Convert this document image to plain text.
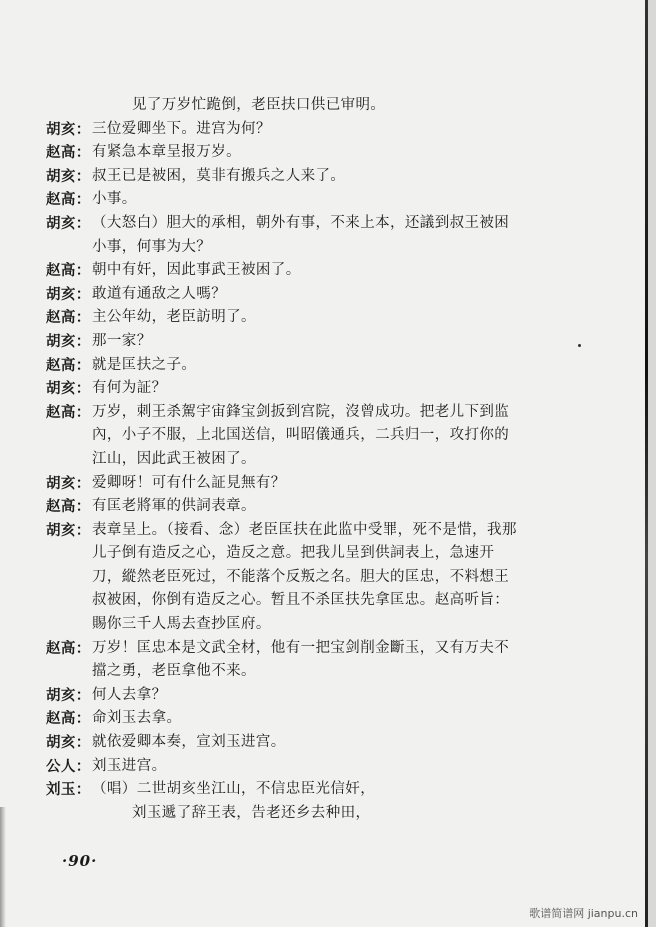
见了万岁忙跪倒，老臣扶口供已审明。
胡亥： 三位爱卿坐下。进宫为何？
赵高： 有紧急本章呈报万岁。
胡亥： 叔王已是被困，莫非有搬兵之人来了。
赵高： 小事。
胡亥： （大怒白）胆大的承相，朝外有事，不来上本，还議到叔王被困
小事，何事为大？
赵高： 朝中有奸，因此事武王被困了。
胡亥： 敢道有通敌之人嗎？
赵高： 主公年幼，老臣訪明了。
胡亥： 那一家？
赵高： 就是匡扶之子。
胡亥： 有何为証？
赵高： 万岁，刺王杀駕宇宙鋒宝剑扳到宫院，沒曾成功。把老儿下到监
內，小子不服，上北国送信，叫昭儀通兵，二兵归一，攻打你的
江山，因此武王被困了。
胡亥： 爱卿呀！可有什么証見無有？
赵高： 有匡老將軍的供詞表章。
胡亥： 表章呈上。（接看、念）老臣匡扶在此监中受罪，死不是惜，我那
儿子倒有造反之心，造反之意。把我儿呈到供詞表上，急速开
刀，縱然老臣死过，不能落个反叛之名。胆大的匡忠，不料想王
叔被困，你倒有造反之心。暂且不杀匡扶先拿匡忠。赵高听旨：
賜你三千人馬去查抄匡府。
赵高： 万岁！匡忠本是文武全材，他有一把宝剑削金斷玉，又有万夫不
擋之勇，老臣拿他不来。
胡亥： 何人去拿？
赵高： 命刘玉去拿。
胡亥： 就依爱卿本奏，宣刘玉进宫。
公人： 刘玉进宫。
刘玉： （唱）二世胡亥坐江山，不信忠臣光信奸，
刘玉遞了辞王表，告老还乡去种田，
·90·
歌谱简谱网 jianpu.cn
